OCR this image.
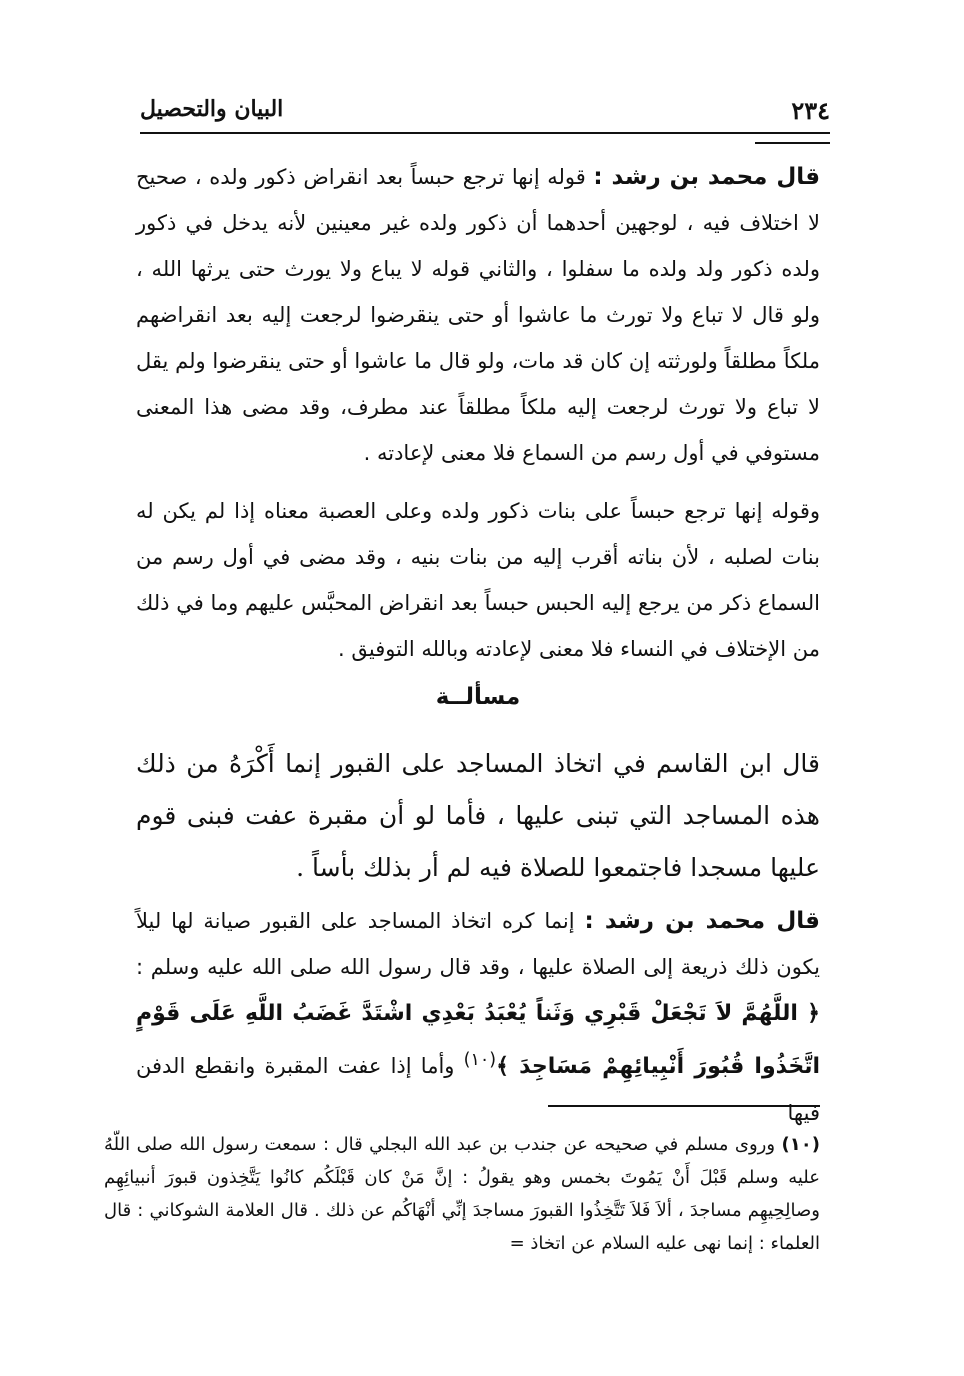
٢٣٤
البيان والتحصيل

قال محمد بن رشد : قوله إنها ترجع حبساً بعد انقراض ذكور ولده ، صحيح لا اختلاف فيه ، لوجهين أحدهما أن ذكور ولده غير معينين لأنه يدخل في ذكور ولده ذكور ولد ولده ما سفلوا ، والثاني قوله لا يباع ولا يورث حتى يرثها الله ، ولو قال لا تباع ولا تورث ما عاشوا أو حتى ينقرضوا لرجعت إليه بعد انقراضهم ملكاً مطلقاً ولورثته إن كان قد مات، ولو قال ما عاشوا أو حتى ينقرضوا ولم يقل لا تباع ولا تورث لرجعت إليه ملكاً مطلقاً عند مطرف، وقد مضى هذا المعنى مستوفي في أول رسم من السماع فلا معنى لإعادته .

وقوله إنها ترجع حبساً على بنات ذكور ولده وعلى العصبة معناه إذا لم يكن له بنات لصلبه ، لأن بناته أقرب إليه من بنات بنيه ، وقد مضى في أول رسم من السماع ذكر من يرجع إليه الحبس حبساً بعد انقراض المحبَّس عليهم وما في ذلك من الإختلاف في النساء فلا معنى لإعادته وبالله التوفيق .

مسألــة

قال ابن القاسم في اتخاذ المساجد على القبور إنما أَكْرَهُ من ذلك هذه المساجد التي تبنى عليها ، فأما لو أن مقبرة عفت فبنى قوم عليها مسجدا فاجتمعوا للصلاة فيه لم أر بذلك بأساً .

قال محمد بن رشد : إنما كره اتخاذ المساجد على القبور صيانة لها ليلاً يكون ذلك ذريعة إلى الصلاة عليها ، وقد قال رسول الله صلى الله عليه وسلم : ﴿ اللَّهُمَّ لاَ تَجْعَلْ قَبْرِي وَثَناً يُعْبَدُ بَعْدِي اشْتَدَّ غَضَبُ اللَّهِ عَلَى قَوْمٍ اتَّخَذُوا قُبُورَ أَنْبِيائِهِمْ مَسَاجِدَ ﴾$^{(١٠)}$ وأما إذا عفت المقبرة وانقطع الدفن فيها

(١٠) وروى مسلم في صحيحه عن جندب بن عبد الله البجلي قال : سمعت رسول الله صلى اللّهُ عليه وسلم قَبْلَ أَنْ يَمُوتَ بخمس وهو يقولُ : إنَّ مَنْ كان قَبْلَكُم كانُوا يَتَّخِذون قبورَ أنبيائِهِم وصالِحِيهِم مساجدَ ، ألاَ فَلاَ تَتَّخِذُوا القبورَ مساجدَ إنِّي أنْهَاكُم عن ذلك . قال العلامة الشوكاني : قال العلماء : إنما نهى عليه السلام عن اتخاذ =
